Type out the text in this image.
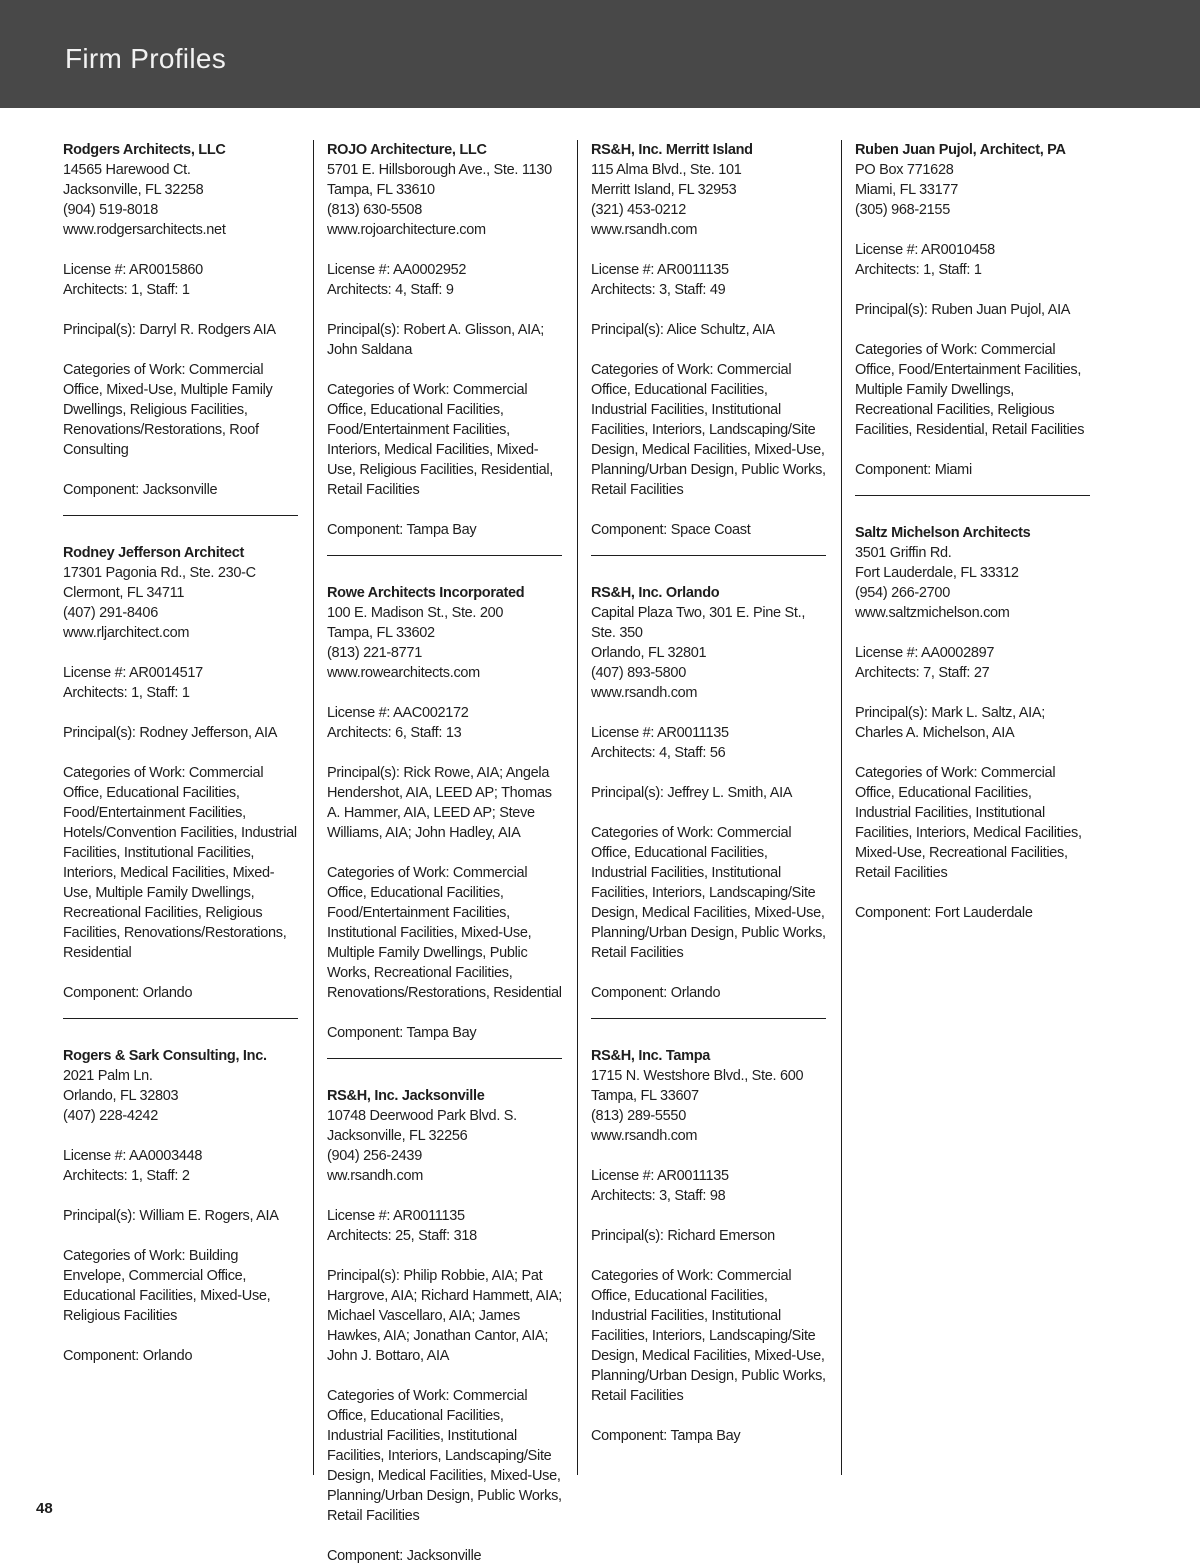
Firm Profiles
Rodgers Architects, LLC
14565 Harewood Ct.
Jacksonville, FL 32258
(904) 519-8018
www.rodgersarchitects.net
License #: AR0015860
Architects: 1, Staff: 1

Principal(s): Darryl R. Rodgers AIA

Categories of Work: Commercial Office, Mixed-Use, Multiple Family Dwellings, Religious Facilities, Renovations/Restorations, Roof Consulting

Component: Jacksonville

Rodney Jefferson Architect
17301 Pagonia Rd., Ste. 230-C
Clermont, FL 34711
(407) 291-8406
www.rljarchitect.com
License #: AR0014517
Architects: 1, Staff: 1

Principal(s): Rodney Jefferson, AIA

Categories of Work: Commercial Office, Educational Facilities, Food/Entertainment Facilities, Hotels/Convention Facilities, Industrial Facilities, Institutional Facilities, Interiors, Medical Facilities, Mixed-Use, Multiple Family Dwellings, Recreational Facilities, Religious Facilities, Renovations/Restorations, Residential

Component: Orlando

Rogers & Sark Consulting, Inc.
2021 Palm Ln.
Orlando, FL 32803
(407) 228-4242
License #: AA0003448
Architects: 1, Staff: 2

Principal(s): William E. Rogers, AIA

Categories of Work: Building Envelope, Commercial Office, Educational Facilities, Mixed-Use, Religious Facilities

Component: Orlando

ROJO Architecture, LLC
5701 E. Hillsborough Ave., Ste. 1130
Tampa, FL 33610
(813) 630-5508
www.rojoarchitecture.com
License #: AA0002952
Architects: 4, Staff: 9

Principal(s): Robert A. Glisson, AIA; John Saldana

Categories of Work: Commercial Office, Educational Facilities, Food/Entertainment Facilities, Interiors, Medical Facilities, Mixed-Use, Religious Facilities, Residential, Retail Facilities

Component: Tampa Bay

Rowe Architects Incorporated
100 E. Madison St., Ste. 200
Tampa, FL 33602
(813) 221-8771
www.rowearchitects.com
License #: AAC002172
Architects: 6, Staff: 13

Principal(s): Rick Rowe, AIA; Angela Hendershot, AIA, LEED AP; Thomas A. Hammer, AIA, LEED AP; Steve Williams, AIA; John Hadley, AIA

Categories of Work: Commercial Office, Educational Facilities, Food/Entertainment Facilities, Institutional Facilities, Mixed-Use, Multiple Family Dwellings, Public Works, Recreational Facilities, Renovations/Restorations, Residential

Component: Tampa Bay

RS&H, Inc. Jacksonville
10748 Deerwood Park Blvd. S.
Jacksonville, FL 32256
(904) 256-2439
ww.rsandh.com
License #: AR0011135
Architects: 25, Staff: 318

Principal(s): Philip Robbie, AIA; Pat Hargrove, AIA; Richard Hammett, AIA; Michael Vascellaro, AIA; James Hawkes, AIA; Jonathan Cantor, AIA; John J. Bottaro, AIA

Categories of Work: Commercial Office, Educational Facilities, Industrial Facilities, Institutional Facilities, Interiors, Landscaping/Site Design, Medical Facilities, Mixed-Use, Planning/Urban Design, Public Works, Retail Facilities

Component: Jacksonville

RS&H, Inc. Merritt Island
115 Alma Blvd., Ste. 101
Merritt Island, FL 32953
(321) 453-0212
www.rsandh.com
License #: AR0011135
Architects: 3, Staff: 49

Principal(s): Alice Schultz, AIA

Categories of Work: Commercial Office, Educational Facilities, Industrial Facilities, Institutional Facilities, Interiors, Landscaping/Site Design, Medical Facilities, Mixed-Use, Planning/Urban Design, Public Works, Retail Facilities

Component: Space Coast

RS&H, Inc. Orlando
Capital Plaza Two, 301 E. Pine St., Ste. 350
Orlando, FL 32801
(407) 893-5800
www.rsandh.com
License #: AR0011135
Architects: 4, Staff: 56

Principal(s): Jeffrey L. Smith, AIA

Categories of Work: Commercial Office, Educational Facilities, Industrial Facilities, Institutional Facilities, Interiors, Landscaping/Site Design, Medical Facilities, Mixed-Use, Planning/Urban Design, Public Works, Retail Facilities

Component: Orlando

RS&H, Inc. Tampa
1715 N. Westshore Blvd., Ste. 600
Tampa, FL 33607
(813) 289-5550
www.rsandh.com
License #: AR0011135
Architects: 3, Staff: 98

Principal(s): Richard Emerson

Categories of Work: Commercial Office, Educational Facilities, Industrial Facilities, Institutional Facilities, Interiors, Landscaping/Site Design, Medical Facilities, Mixed-Use, Planning/Urban Design, Public Works, Retail Facilities

Component: Tampa Bay

Ruben Juan Pujol, Architect, PA
PO Box 771628
Miami, FL 33177
(305) 968-2155
License #: AR0010458
Architects: 1, Staff: 1

Principal(s): Ruben Juan Pujol, AIA

Categories of Work: Commercial Office, Food/Entertainment Facilities, Multiple Family Dwellings, Recreational Facilities, Religious Facilities, Residential, Retail Facilities

Component: Miami

Saltz Michelson Architects
3501 Griffin Rd.
Fort Lauderdale, FL 33312
(954) 266-2700
www.saltzmichelson.com
License #: AA0002897
Architects: 7, Staff: 27

Principal(s): Mark L. Saltz, AIA; Charles A. Michelson, AIA

Categories of Work: Commercial Office, Educational Facilities, Industrial Facilities, Institutional Facilities, Interiors, Medical Facilities, Mixed-Use, Recreational Facilities, Retail Facilities

Component: Fort Lauderdale

48
